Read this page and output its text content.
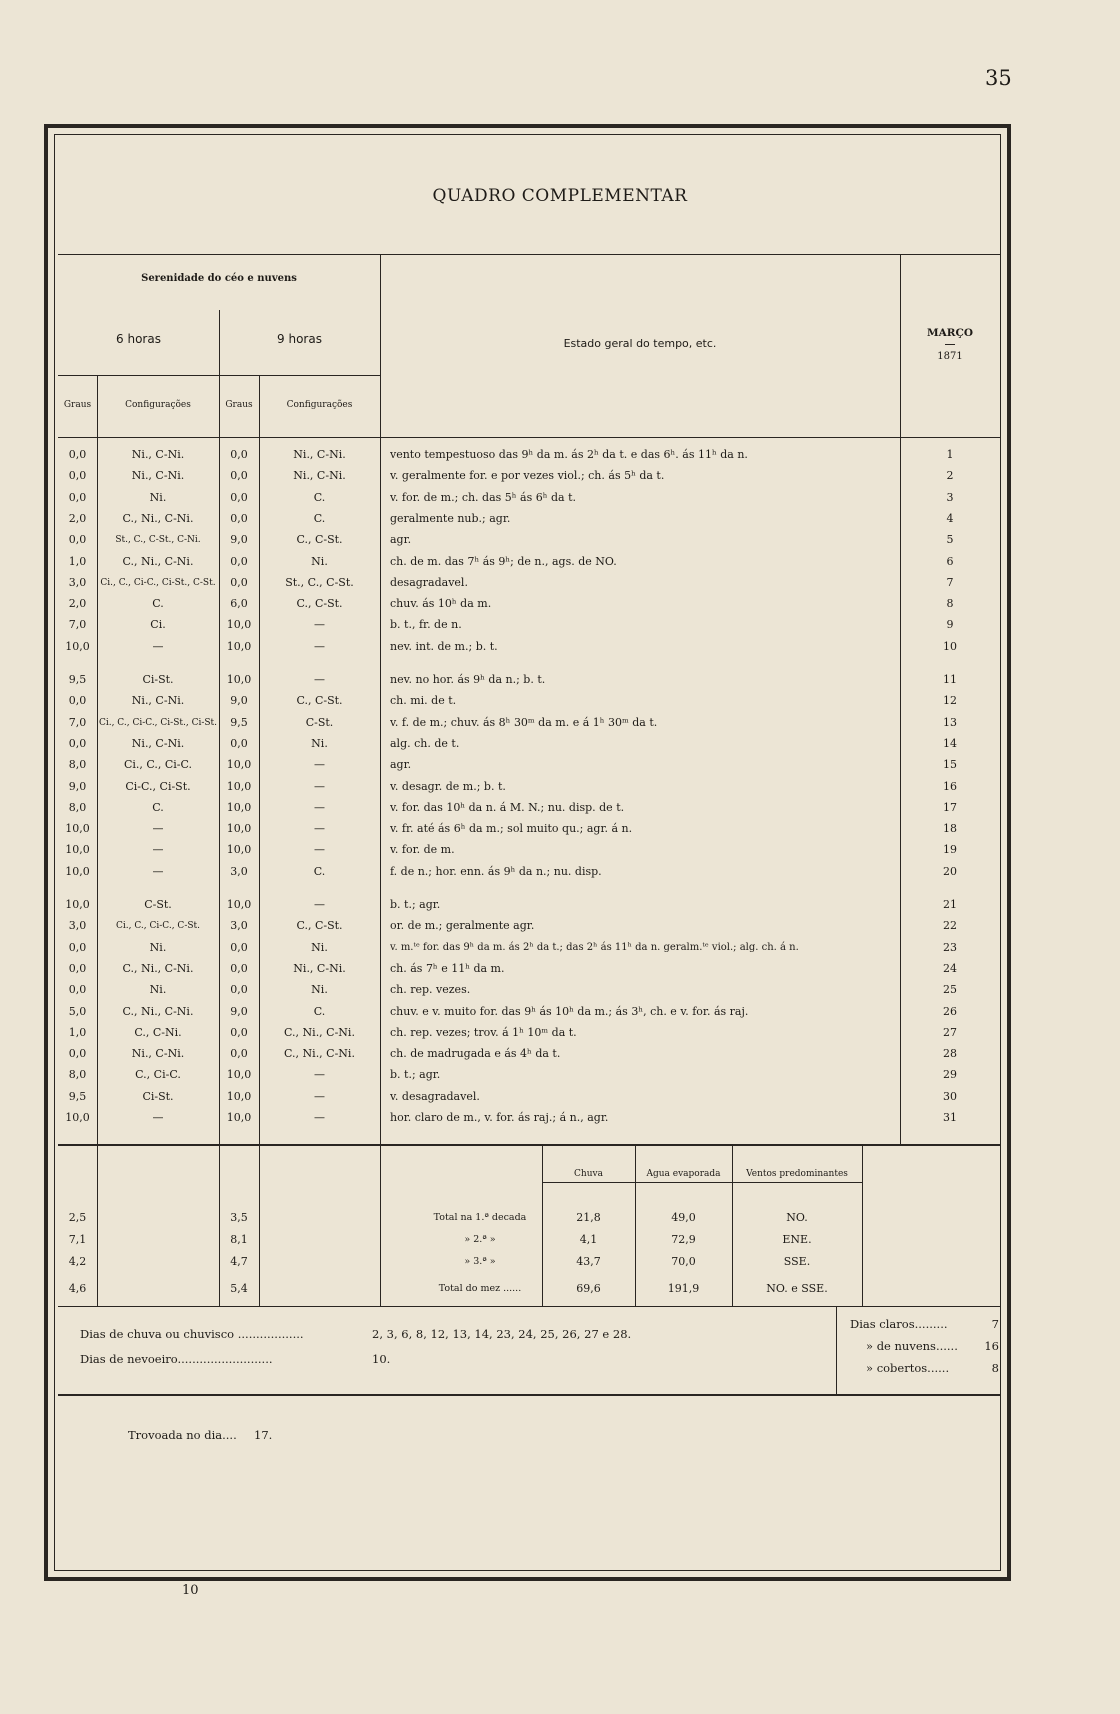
35
QUADRO COMPLEMENTAR
Serenidade do céo e nuvens
6 horas	9 horas
Graus	Configurações	Graus	Configurações
Estado geral do tempo, etc.
MARÇO
1871
0,0	Ni., C-Ni.	0,0	Ni., C-Ni.	vento tempestuoso das 9ʰ da m. ás 2ʰ da t. e das 6ʰ. ás 11ʰ da n.	1
0,0	Ni., C-Ni.	0,0	Ni., C-Ni.	v. geralmente for. e por vezes viol.; ch. ás 5ʰ da t.	2
0,0	Ni.	0,0	C.	v. for. de m.; ch. das 5ʰ ás 6ʰ da t.	3
2,0	C., Ni., C-Ni.	0,0	C.	geralmente nub.; agr.	4
0,0	St., C., C-St., C-Ni.	9,0	C., C-St.	agr.	5
1,0	C., Ni., C-Ni.	0,0	Ni.	ch. de m. das 7ʰ ás 9ʰ; de n., ags. de NO.	6
3,0	Ci., C., Ci-C., Ci-St., C-St.	0,0	St., C., C-St.	desagradavel.	7
2,0	C.	6,0	C., C-St.	chuv. ás 10ʰ da m.	8
7,0	Ci.	10,0	—	b. t., fr. de n.	9
10,0	—	10,0	—	nev. int. de m.; b. t.	10
9,5	Ci-St.	10,0	—	nev. no hor. ás 9ʰ da n.; b. t.	11
0,0	Ni., C-Ni.	9,0	C., C-St.	ch. mi. de t.	12
7,0	Ci., C., Ci-C., Ci-St., Ci-St.	9,5	C-St.	v. f. de m.; chuv. ás 8ʰ 30ᵐ da m. e á 1ʰ 30ᵐ da t.	13
0,0	Ni., C-Ni.	0,0	Ni.	alg. ch. de t.	14
8,0	Ci., C., Ci-C.	10,0	—	agr.	15
9,0	Ci-C., Ci-St.	10,0	—	v. desagr. de m.; b. t.	16
8,0	C.	10,0	—	v. for. das 10ʰ da n. á M. N.; nu. disp. de t.	17
10,0	—	10,0	—	v. fr. até ás 6ʰ da m.; sol muito qu.; agr. á n.	18
10,0	—	10,0	—	v. for. de m.	19
10,0	—	3,0	C.	f. de n.; hor. enn. ás 9ʰ da n.; nu. disp.	20
10,0	C-St.	10,0	—	b. t.; agr.	21
3,0	Ci., C., Ci-C., C-St.	3,0	C., C-St.	or. de m.; geralmente agr.	22
0,0	Ni.	0,0	Ni.	v. m.ᵗᵉ for. das 9ʰ da m. ás 2ʰ da t.; das 2ʰ ás 11ʰ da n. geralm.ᵗᵉ viol.; alg. ch. á n.	23
0,0	C., Ni., C-Ni.	0,0	Ni., C-Ni.	ch. ás 7ʰ e 11ʰ da m.	24
0,0	Ni.	0,0	Ni.	ch. rep. vezes.	25
5,0	C., Ni., C-Ni.	9,0	C.	chuv. e v. muito for. das 9ʰ ás 10ʰ da m.; ás 3ʰ, ch. e v. for. ás raj.	26
1,0	C., C-Ni.	0,0	C., Ni., C-Ni.	ch. rep. vezes; trov. á 1ʰ 10ᵐ da t.	27
0,0	Ni., C-Ni.	0,0	C., Ni., C-Ni.	ch. de madrugada e ás 4ʰ da t.	28
8,0	C., Ci-C.	10,0	—	b. t.; agr.	29
9,5	Ci-St.	10,0	—	v. desagradavel.	30
10,0	—	10,0	—	hor. claro de m., v. for. ás raj.; á n., agr.	31
Chuva	Agua evaporada	Ventos predominantes
2,5	3,5	Total na 1.ª decada	21,8	49,0	NO.
7,1	8,1	» 2.ª »	4,1	72,9	ENE.
4,2	4,7	» 3.ª »	43,7	70,0	SSE.
4,6	5,4	Total do mez ......	69,6	191,9	NO. e SSE.
Dias de chuva ou chuvisco ..................	2, 3, 6, 8, 12, 13, 14, 23, 24, 25, 26, 27 e 28.
Dias de nevoeiro..........................	10.
Dias claros.........	7
» de nuvens......	16
» cobertos......	8
Trovoada no dia.... 17.
10
